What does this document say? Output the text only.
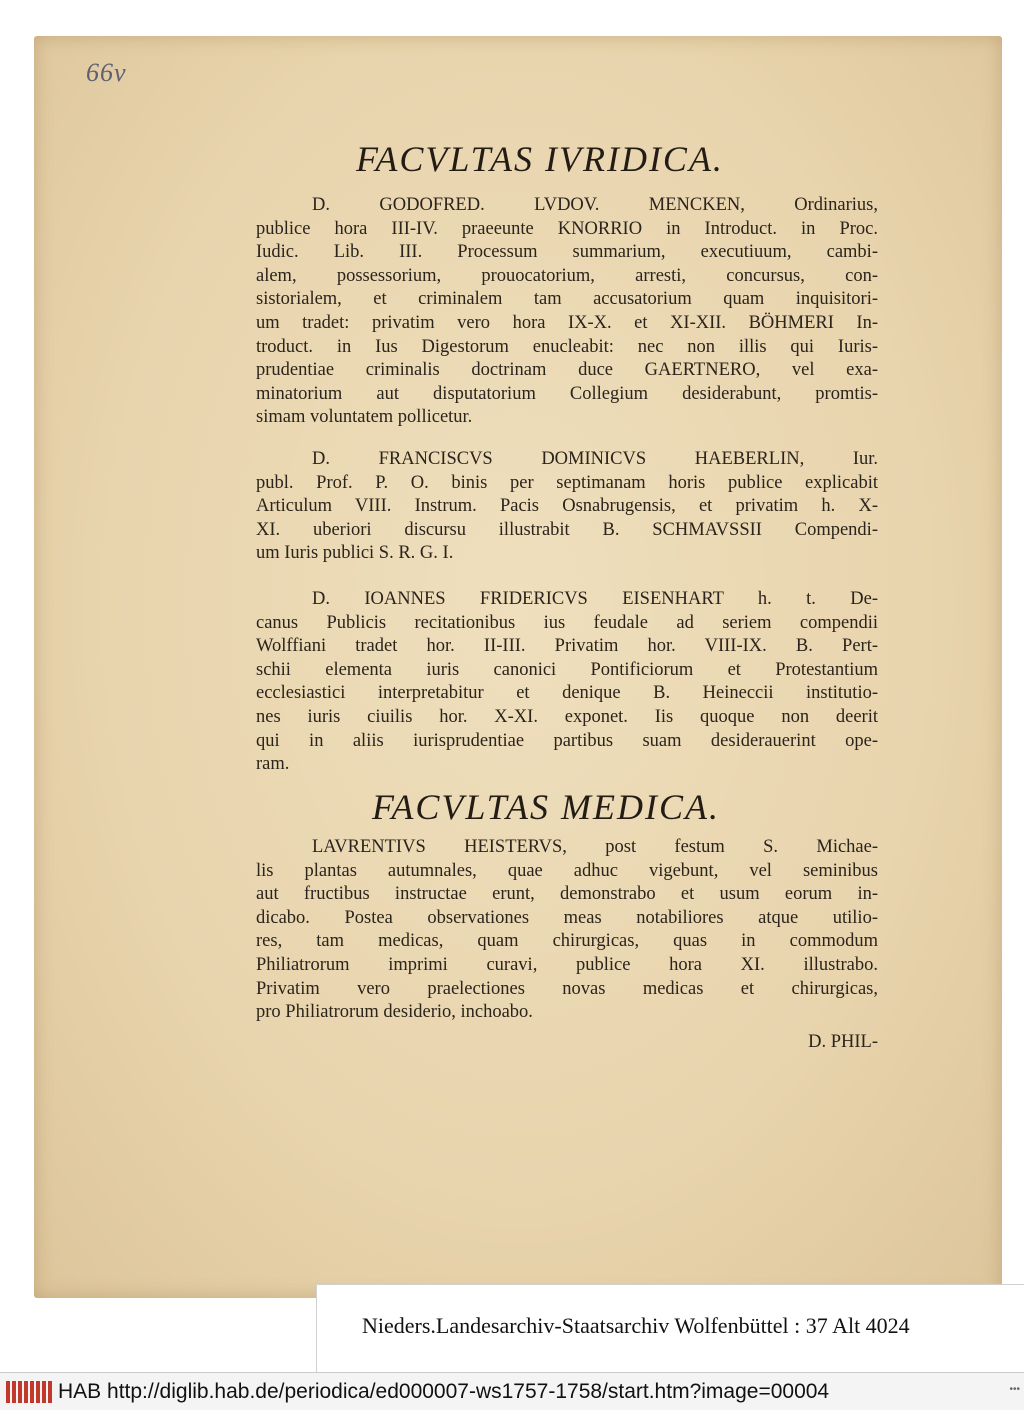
66v
FACVLTAS IVRIDICA.
D. GODOFRED. LVDOV. MENCKEN, Ordinarius,
publice hora III-IV. praeeunte KNORRIO in Introduct. in Proc.
Iudic. Lib. III. Processum summarium, executiuum, cambi-
alem, possessorium, prouocatorium, arresti, concursus, con-
sistorialem, et criminalem tam accusatorium quam inquisitori-
um tradet: privatim vero hora IX-X. et XI-XII. BÖHMERI In-
troduct. in Ius Digestorum enucleabit: nec non illis qui Iuris-
prudentiae criminalis doctrinam duce GAERTNERO, vel exa-
minatorium aut disputatorium Collegium desiderabunt, promtis-
simam voluntatem pollicetur.
D. FRANCISCVS DOMINICVS HAEBERLIN, Iur.
publ. Prof. P. O. binis per septimanam horis publice explicabit
Articulum VIII. Instrum. Pacis Osnabrugensis, et privatim h. X-
XI. uberiori discursu illustrabit B. SCHMAVSSII Compendi-
um Iuris publici S. R. G. I.
D. IOANNES FRIDERICVS EISENHART h. t. De-
canus Publicis recitationibus ius feudale ad seriem compendii
Wolffiani tradet hor. II-III. Privatim hor. VIII-IX. B. Pert-
schii elementa iuris canonici Pontificiorum et Protestantium
ecclesiastici interpretabitur et denique B. Heineccii institutio-
nes iuris ciuilis hor. X-XI. exponet. Iis quoque non deerit
qui in aliis iurisprudentiae partibus suam desiderauerint ope-
ram.
FACVLTAS MEDICA.
LAVRENTIVS HEISTERVS, post festum S. Michae-
lis plantas autumnales, quae adhuc vigebunt, vel seminibus
aut fructibus instructae erunt, demonstrabo et usum eorum in-
dicabo. Postea observationes meas notabiliores atque utilio-
res, tam medicas, quam chirurgicas, quas in commodum
Philiatrorum imprimi curavi, publice hora XI. illustrabo.
Privatim vero praelectiones novas medicas et chirurgicas,
pro Philiatrorum desiderio, inchoabo.
D. PHIL-
Nieders.Landesarchiv-Staatsarchiv Wolfenbüttel : 37 Alt 4024
HAB http://diglib.hab.de/periodica/ed000007-ws1757-1758/start.htm?image=00004	•••
